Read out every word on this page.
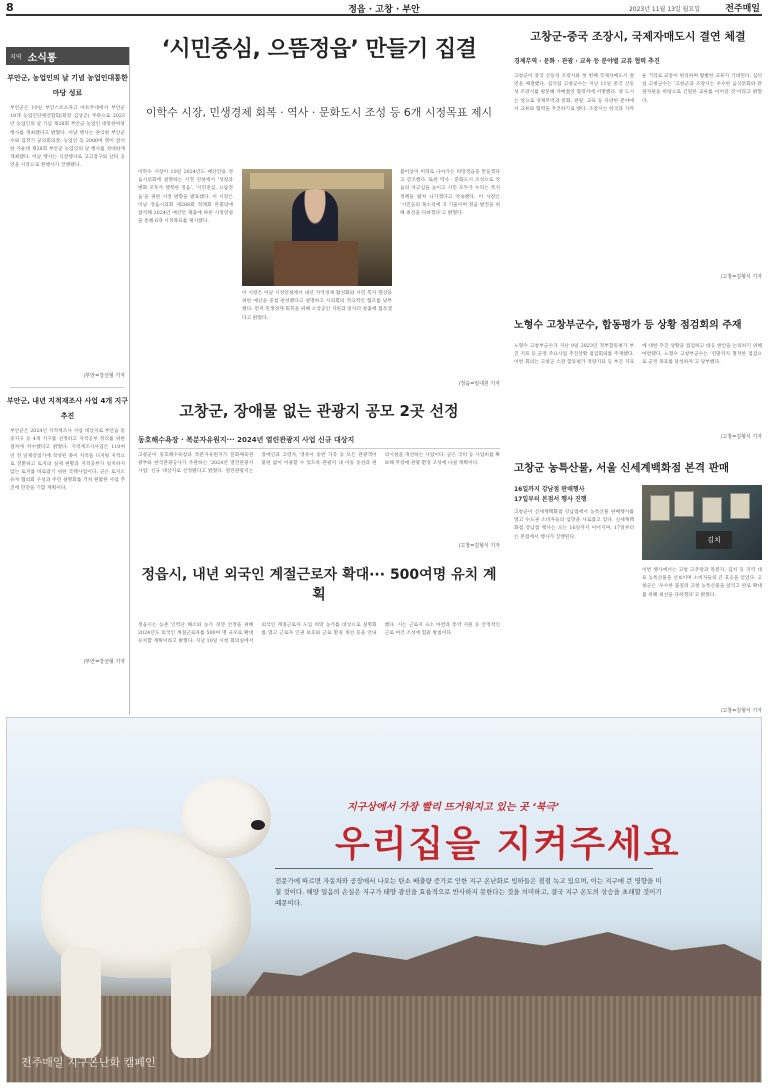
8	정읍 · 고창 · 부안	2023년 11월 13일 월요일	전주매일
지역 소식통
부안군, 농업인의 날 기념 농업인대통한마당 성료
부안군은 10일 부안스포츠파크 아트무대에서 부안군 18개 농업인단체연합회(회장 김상곤) 주관으로 2023년 농업인의 날 기념 제28회 부안군 농업인 대통한마당 행사를 개최했다고 밝혔다. 이날 행사는 권익현 부안군수와 김정기 군의회의장, 농업인 등 2000여 명이 참석한 가운데 제28회 부안군 농업인의 날 행사를 성대하게 개최했다. 이날 행사는 식전행사로 고고장구와 난타 공연을 시작으로 본행사가 진행됐다.
/부안=강선형 기자
부안군, 내년 지적재조사 사업 4개 지구 추진
부안군은 2024년 지적재조사 사업 대상지로 부안읍 동중지구 등 4개 지구를 선정하고 지적공부 정리를 위한 절차에 착수했다고 밝혔다. 지적재조사사업은 110여 년 전 일제강점기에 작성된 종이 지적을 디지털 지적으로 전환하고 토지의 실제 현황과 지적공부가 일치하지 않는 토지를 바로잡기 위한 국책사업이다. 군은 토지소유자 협의회 구성과 주민 설명회를 거쳐 원활한 사업 추진에 만전을 기할 계획이다.
/부안=강선형 기자
‘시민중심, 으뜸정읍’ 만들기 집결
이학수 시장, 민생경제 회복 · 역사 · 문화도시 조성 등 6개 시정목표 제시
이학수 시장이 10일 2024년도 예산안을 정읍시의회에 설명하는 시정 연설에서 ‘성장과 변화 모두가 행복한 정읍’, ‘시민중심, 으뜸정읍’을 위한 시정 방향을 발표했다. 이 시장은 이날 정읍시의회 제288회 정례회 본회의에 참석해 2024년 예산안 제출에 따른 시정연설을 통해 6개 시정목표를 제시했다.
이 시장은 이날 시정연설에서 내년 지역경제 활성화와 시민 복지 향상을 위한 예산을 중점 편성했다고 설명하고 시의회의 적극적인 협조를 당부했다. 먼저 민생경제 회복을 위해 소상공인 지원과 일자리 창출에 힘쓰겠다고 밝혔다.
불어넣어 미래로 나아가는 희망정읍을 만들겠다고 강조했다. 또한 역사 · 문화도시 조성으로 정읍의 자긍심을 높이고 시민 모두가 누리는 복지 정책을 펼쳐 나가겠다고 약속했다. 이 시장은 ‘시민들의 목소리에 귀 기울이며 정읍 발전을 위해 최선을 다하겠다’고 밝혔다.
/정읍=임대원 기자
고창군, 장애물 없는 관광지 공모 2곳 선정
동호해수욕장 · 복분자유원지··· 2024년 열린관광지 사업 신규 대상지
고창군이 동호해수욕장과 복분자유원지가 문화체육관광부와 한국관광공사가 주관하는 ‘2024년 열린관광지 사업’ 신규 대상지로 선정됐다고 밝혔다. 열린관광지는 장애인과 고령자, 영유아 동반 가족 등 모든 관광객이 불편 없이 이용할 수 있도록 관광지 내 이동 동선과 편의시설을 개선하는 사업이다. 군은 국비 등 사업비를 확보해 무장애 관광 환경 조성에 나설 계획이다.
/고창=김형식 기자
정읍시, 내년 외국인 계절근로자 확대··· 500여명 유치 계획
정읍시는 농촌 인력난 해소와 농가 경영 안정을 위해 2024년도 외국인 계절근로자를 500여 명 규모로 확대 유치할 계획이라고 밝혔다. 지난 10일 시청 회의실에서 외국인 계절근로자 도입 희망 농가를 대상으로 설명회를 열고 근로자 인권 보호와 근로 환경 개선 등을 안내했다. 시는 근로자 숙소 마련과 통역 지원 등 안정적인 근로 여건 조성에 힘쓸 방침이다.
고창군-중국 조장시, 국제자매도시 결연 체결
경제무역 · 문화 · 관광 · 교육 등 분야별 교류 협력 추진
고창군이 중국 산둥성 조장시와 첫 번째 국제자매도시 결연을 체결했다. 심덕섭 고창군수는 지난 11일 중국 산둥성 조장시를 방문해 자매결연 협정서에 서명했다. 양 도시는 앞으로 경제무역과 문화, 관광, 교육 등 다양한 분야에서 교류와 협력을 추진하기로 했다. 조장시는 한국과 가까운 거리로 교통이 편리하며 활발한 교류가 기대된다. 심덕섭 고창군수는 ‘고창군과 조장시는 우수한 음식문화와 관광자원을 바탕으로 긴밀한 교류를 이어갈 것’이라고 밝혔다.
/고창=김형식 기자
노형수 고창부군수, 합동평가 등 상황 점검회의 주재
노형수 고창부군수가 지난 9일 2023년 정부합동평가 부진 지표 등 군정 주요사업 추진상황 점검회의를 주재했다. 이번 회의는 고창군 소관 합동평가 정량지표 등 부진 지표에 대한 추진 상황을 점검하고 대응 방안을 논의하기 위해 마련됐다. 노형수 고창부군수는 ‘연말까지 철저한 점검으로 군정 목표를 달성하자’고 당부했다.
/고창=김형식 기자
고창군 농특산물, 서울 신세계백화점 본격 판매
16일까지 강남점 판매행사
17일부터 본점서 행사 진행
고창군이 신세계백화점 강남점에서 농특산물 판매행사를 열고 수도권 소비자들의 입맛을 사로잡고 있다. 신세계백화점 강남점 행사는 오는 16일까지 이어지며, 17일부터는 본점에서 행사가 진행된다.	김치
이번 행사에서는 고창 고추장과 복분자, 김치 등 지역 대표 농특산물을 선보이며 소비자들의 큰 호응을 얻었다. 고창군은 ‘우수한 품질의 고창 농특산물을 알리고 판로 확대를 위해 최선을 다하겠다’고 밝혔다.
/고창=김형식 기자
지구상에서 가장 빨리 뜨거워지고 있는 곳 ‘북극’
우리집을 지켜주세요
전문가에 따르면 자동차와 공장에서 나오는 탄소 배출량 증가로 인한 지구 온난화로 빙하들은 점점 녹고 있으며, 이는 지구에 큰 영향을 미칠 것이다. 해양 얼음의 손실은 지구가 태양 광선을 효율적으로 반사하지 못한다는 것을 의미하고, 결국 지구 온도의 상승을 초래할 것이기 때문이다.
전주매일 지구온난화 캠페인
